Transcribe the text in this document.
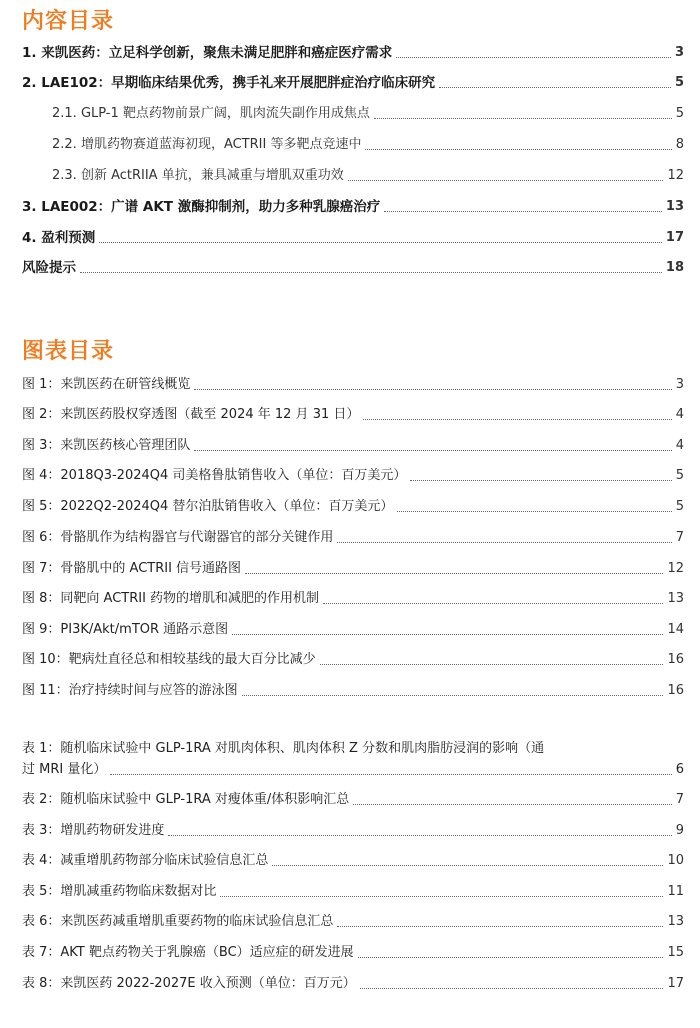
内容目录
1. 来凯医药：立足科学创新，聚焦未满足肥胖和癌症医疗需求	3
2. LAE102：早期临床结果优秀，携手礼来开展肥胖症治疗临床研究	5
2.1. GLP-1 靶点药物前景广阔，肌肉流失副作用成焦点	5
2.2. 增肌药物赛道蓝海初现，ACTRII 等多靶点竞速中	8
2.3. 创新 ActRIIA 单抗，兼具减重与增肌双重功效	12
3. LAE002：广谱 AKT 激酶抑制剂，助力多种乳腺癌治疗	13
4. 盈利预测	17
风险提示	18
图表目录
图 1：来凯医药在研管线概览	3
图 2：来凯医药股权穿透图（截至 2024 年 12 月 31 日）	4
图 3：来凯医药核心管理团队	4
图 4：2018Q3-2024Q4 司美格鲁肽销售收入（单位：百万美元）	5
图 5：2022Q2-2024Q4 替尔泊肽销售收入（单位：百万美元）	5
图 6：骨骼肌作为结构器官与代谢器官的部分关键作用	7
图 7：骨骼肌中的 ACTRII 信号通路图	12
图 8：同靶向 ACTRII 药物的增肌和减肥的作用机制	13
图 9：PI3K/Akt/mTOR 通路示意图	14
图 10：靶病灶直径总和相较基线的最大百分比减少	16
图 11：治疗持续时间与应答的游泳图	16
表 1：随机临床试验中 GLP-1RA 对肌肉体积、肌肉体积 Z 分数和肌肉脂肪浸润的影响（通
过 MRI 量化）	6
表 2：随机临床试验中 GLP-1RA 对瘦体重/体积影响汇总	7
表 3：增肌药物研发进度	9
表 4：减重增肌药物部分临床试验信息汇总	10
表 5：增肌减重药物临床数据对比	11
表 6：来凯医药减重增肌重要药物的临床试验信息汇总	13
表 7：AKT 靶点药物关于乳腺癌（BC）适应症的研发进展	15
表 8：来凯医药 2022-2027E 收入预测（单位：百万元）	17
